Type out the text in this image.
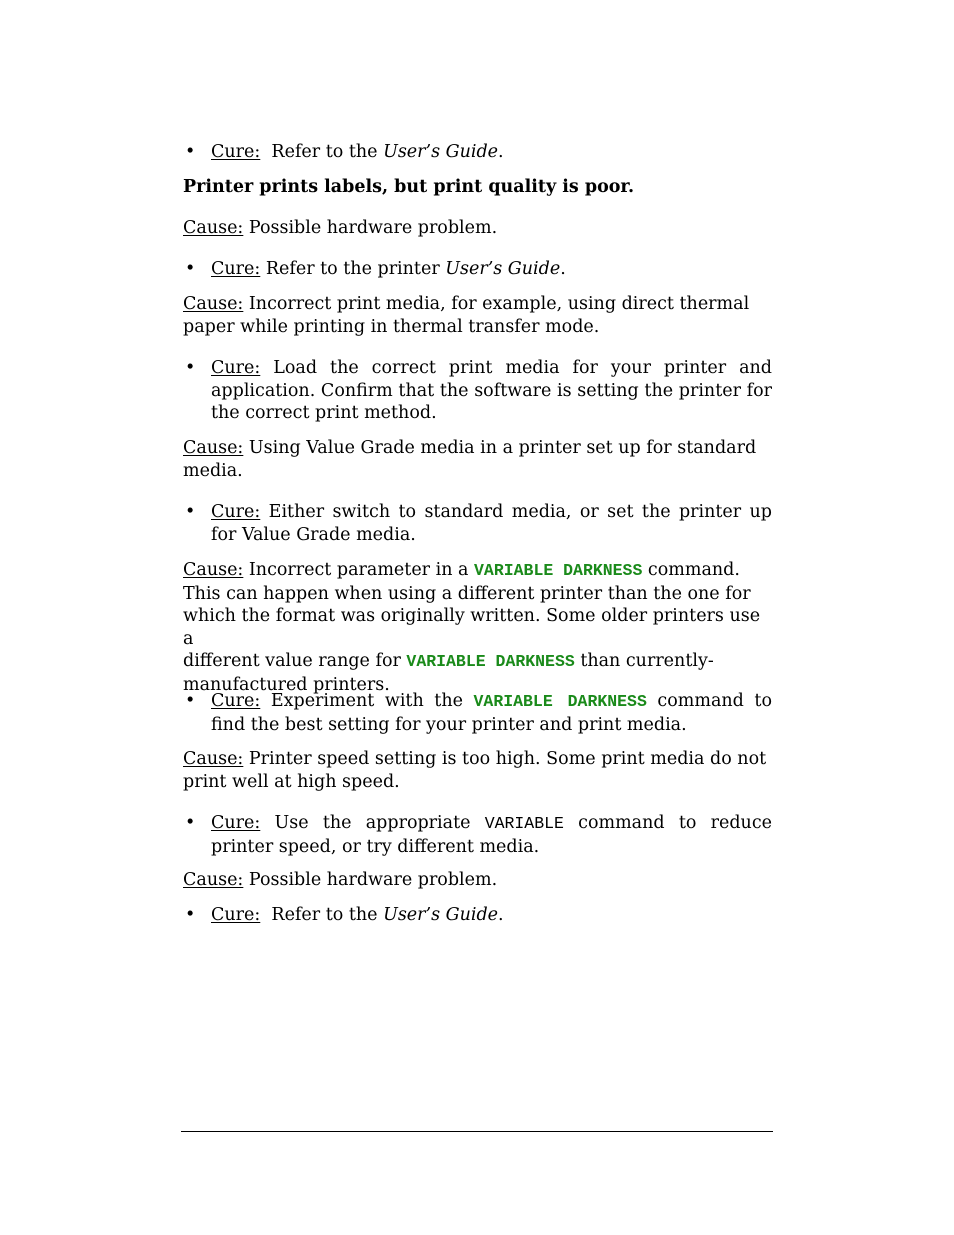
• Cure: Refer to the User’s Guide.
Printer prints labels, but print quality is poor.
Cause: Possible hardware problem.
• Cure: Refer to the printer User’s Guide.
Cause: Incorrect print media, for example, using direct thermal
paper while printing in thermal transfer mode.
• Cure: Load the correct print media for your printer and application. Confirm that the software is setting the printer for the correct print method.
Cause: Using Value Grade media in a printer set up for standard
media.
• Cure: Either switch to standard media, or set the printer up for Value Grade media.
Cause: Incorrect parameter in a VARIABLE DARKNESS command.
This can happen when using a different printer than the one for
which the format was originally written. Some older printers use a
different value range for VARIABLE DARKNESS than currently-
manufactured printers.
• Cure: Experiment with the VARIABLE DARKNESS command to find the best setting for your printer and print media.
Cause: Printer speed setting is too high. Some print media do not
print well at high speed.
• Cure: Use the appropriate VARIABLE command to reduce printer speed, or try different media.
Cause: Possible hardware problem.
• Cure: Refer to the User’s Guide.
